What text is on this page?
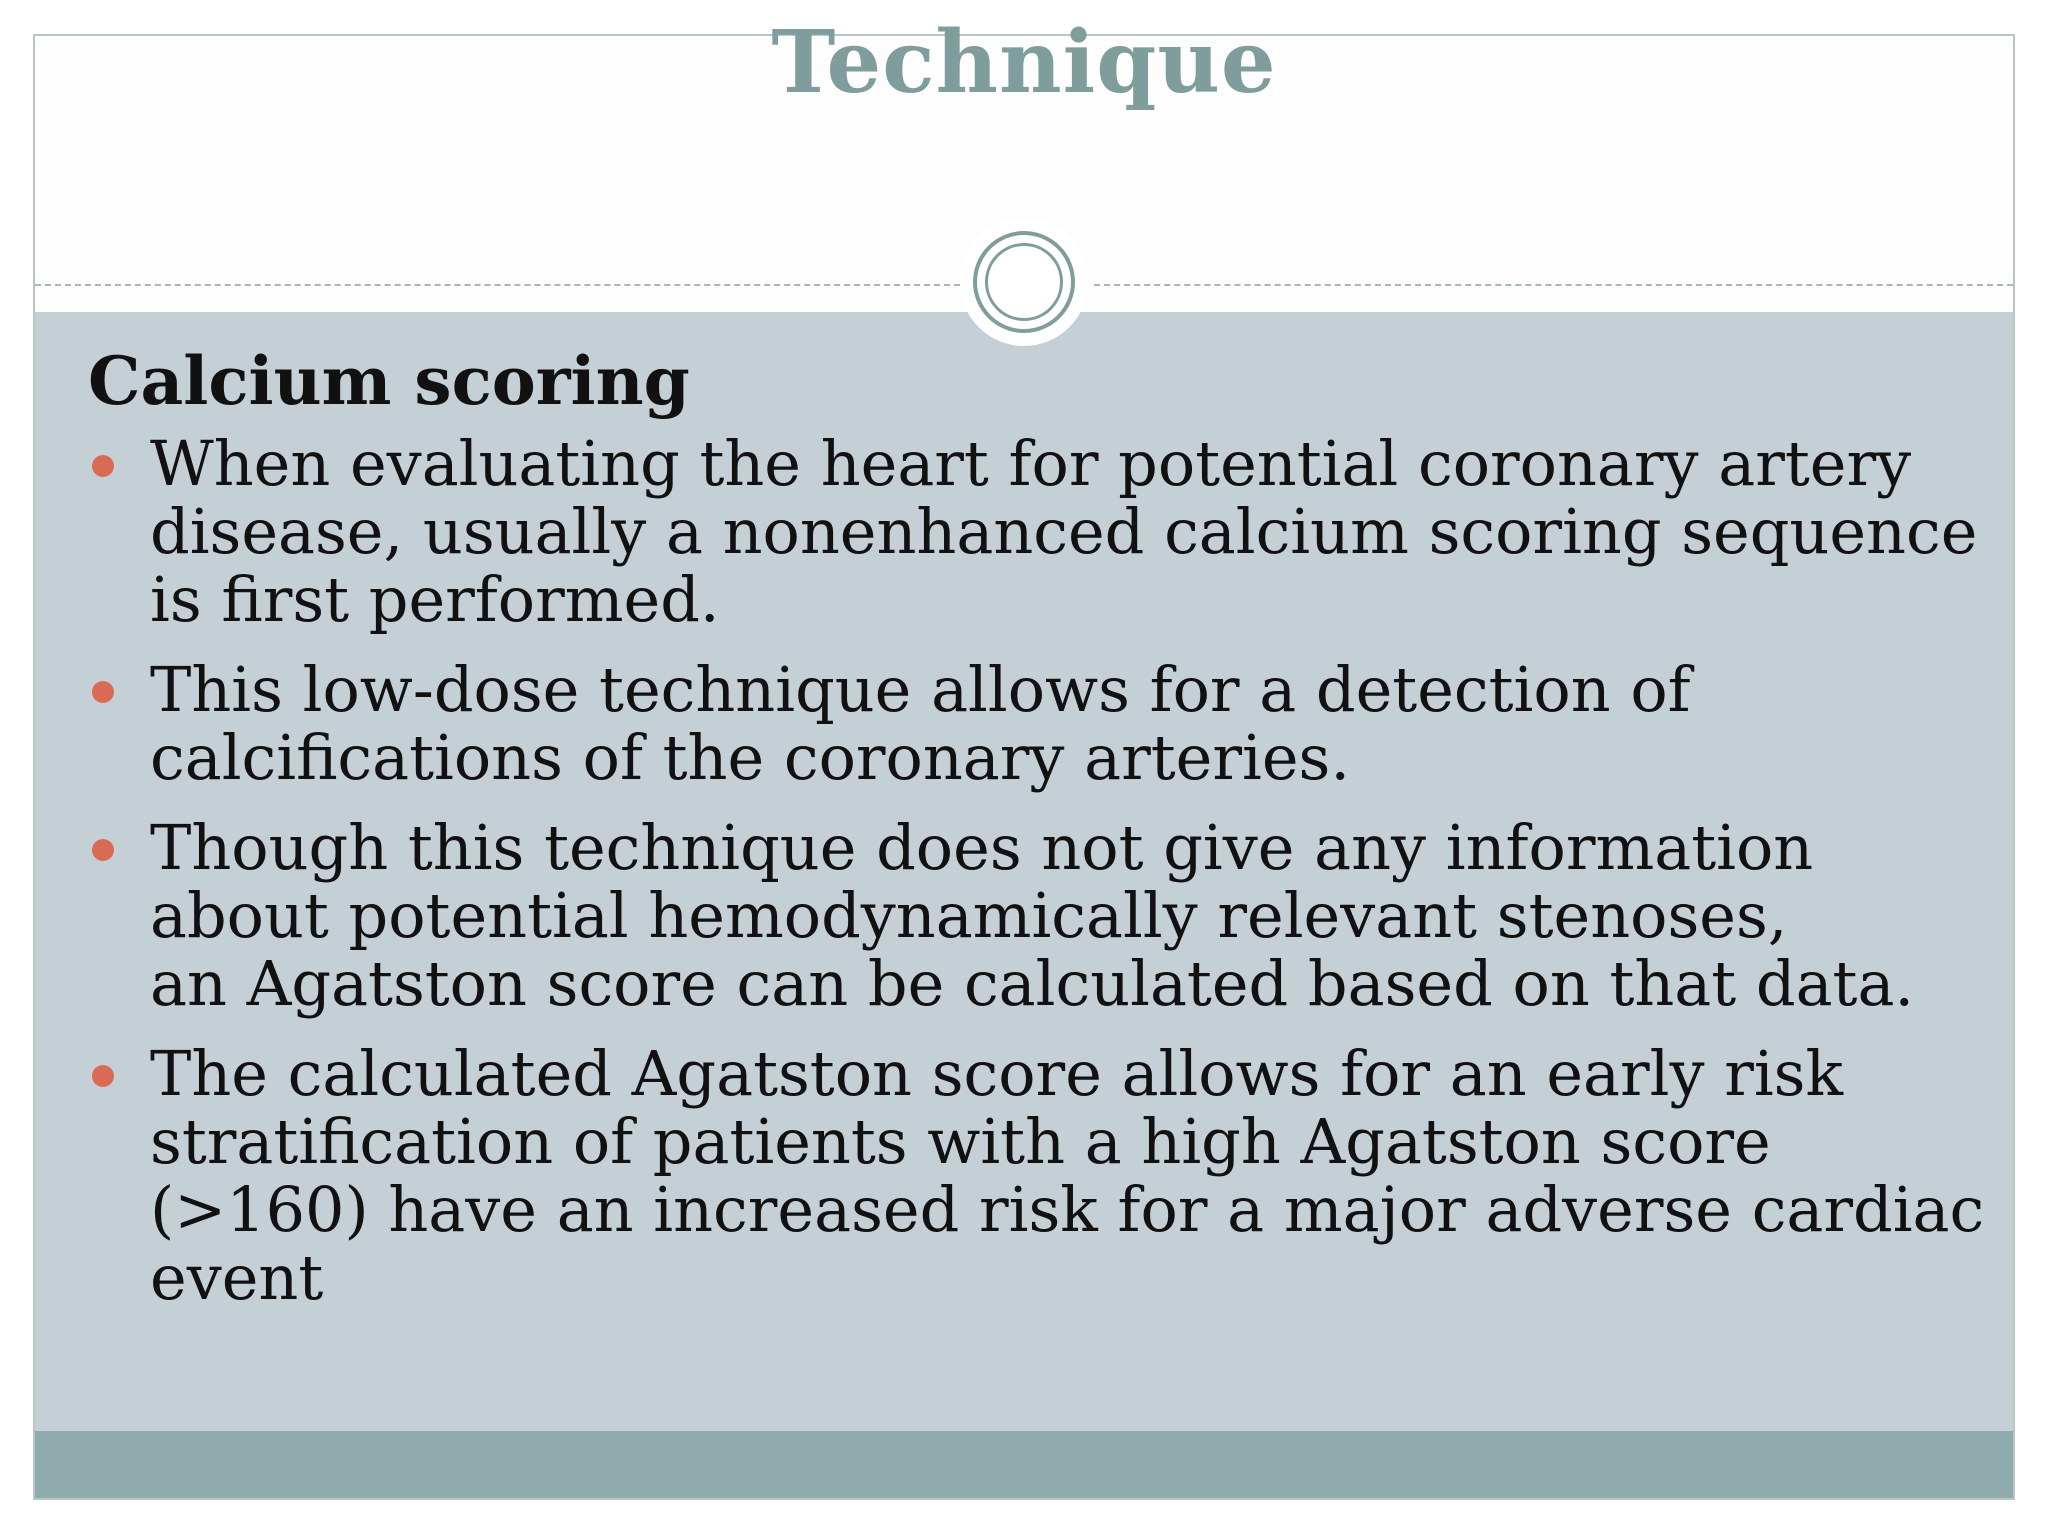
Technique
Calcium scoring
When evaluating the heart for potential coronary artery
disease, usually a nonenhanced calcium scoring sequence
is first performed.
This low-dose technique allows for a detection of
calcifications of the coronary arteries.
Though this technique does not give any information
about potential hemodynamically relevant stenoses,
an Agatston score can be calculated based on that data.
The calculated Agatston score allows for an early risk
stratification of patients with a high Agatston score
(>160) have an increased risk for a major adverse cardiac
event
